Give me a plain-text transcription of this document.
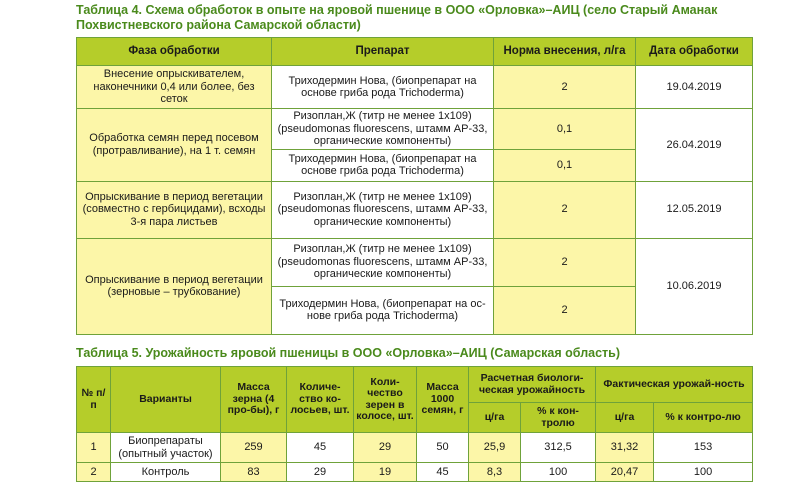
Таблица 4. Схема обработок в опыте на яровой пшенице в ООО «Орловка»–АИЦ (село Старый Аманак Похвистневского района Самарской области)
Фаза обработки	Препарат	Норма внесения, л/га	Дата обработки
Внесение опрыскивателем, наконечники 0,4 или более, без сеток	Триходермин Нова, (биопрепарат на основе гриба рода Trichoderma)	2	19.04.2019
Обработка семян перед посевом (протравливание), на 1 т. семян	Ризоплан,Ж (титр не менее 1х109) (pseudomonas fluorescens, штамм АР-33, органические компоненты)	0,1	26.04.2019
	Триходермин Нова, (биопрепарат на основе гриба рода Trichoderma)	0,1	
Опрыскивание в период вегетации (совместно с гербицидами), всходы 3-я пара листьев	Ризоплан,Ж (титр не менее 1х109) (pseudomonas fluorescens, штамм АР-33, органические компоненты)	2	12.05.2019
Опрыскивание в период вегетации (зерновые – трубкование)	Ризоплан,Ж (титр не менее 1х109) (pseudomonas fluorescens, штамм АР-33, органические компоненты)	2	10.06.2019
	Триходермин Нова, (биопрепарат на ос-нове гриба рода Trichoderma)	2	
Таблица 5. Урожайность яровой пшеницы в ООО «Орловка»–АИЦ (Самарская область)
№ п/п	Варианты	Масса зерна (4 про-бы), г	Количе-ство ко-лосьев, шт.	Коли-чество зерен в колосе, шт.	Масса 1000 семян, г	Расчетная биологи-ческая урожайность		Фактическая урожай-ность	
						ц/га	% к кон-тролю	ц/га	% к контро-лю
1	Биопрепараты (опытный участок)	259	45	29	50	25,9	312,5	31,32	153
2	Контроль	83	29	19	45	8,3	100	20,47	100
